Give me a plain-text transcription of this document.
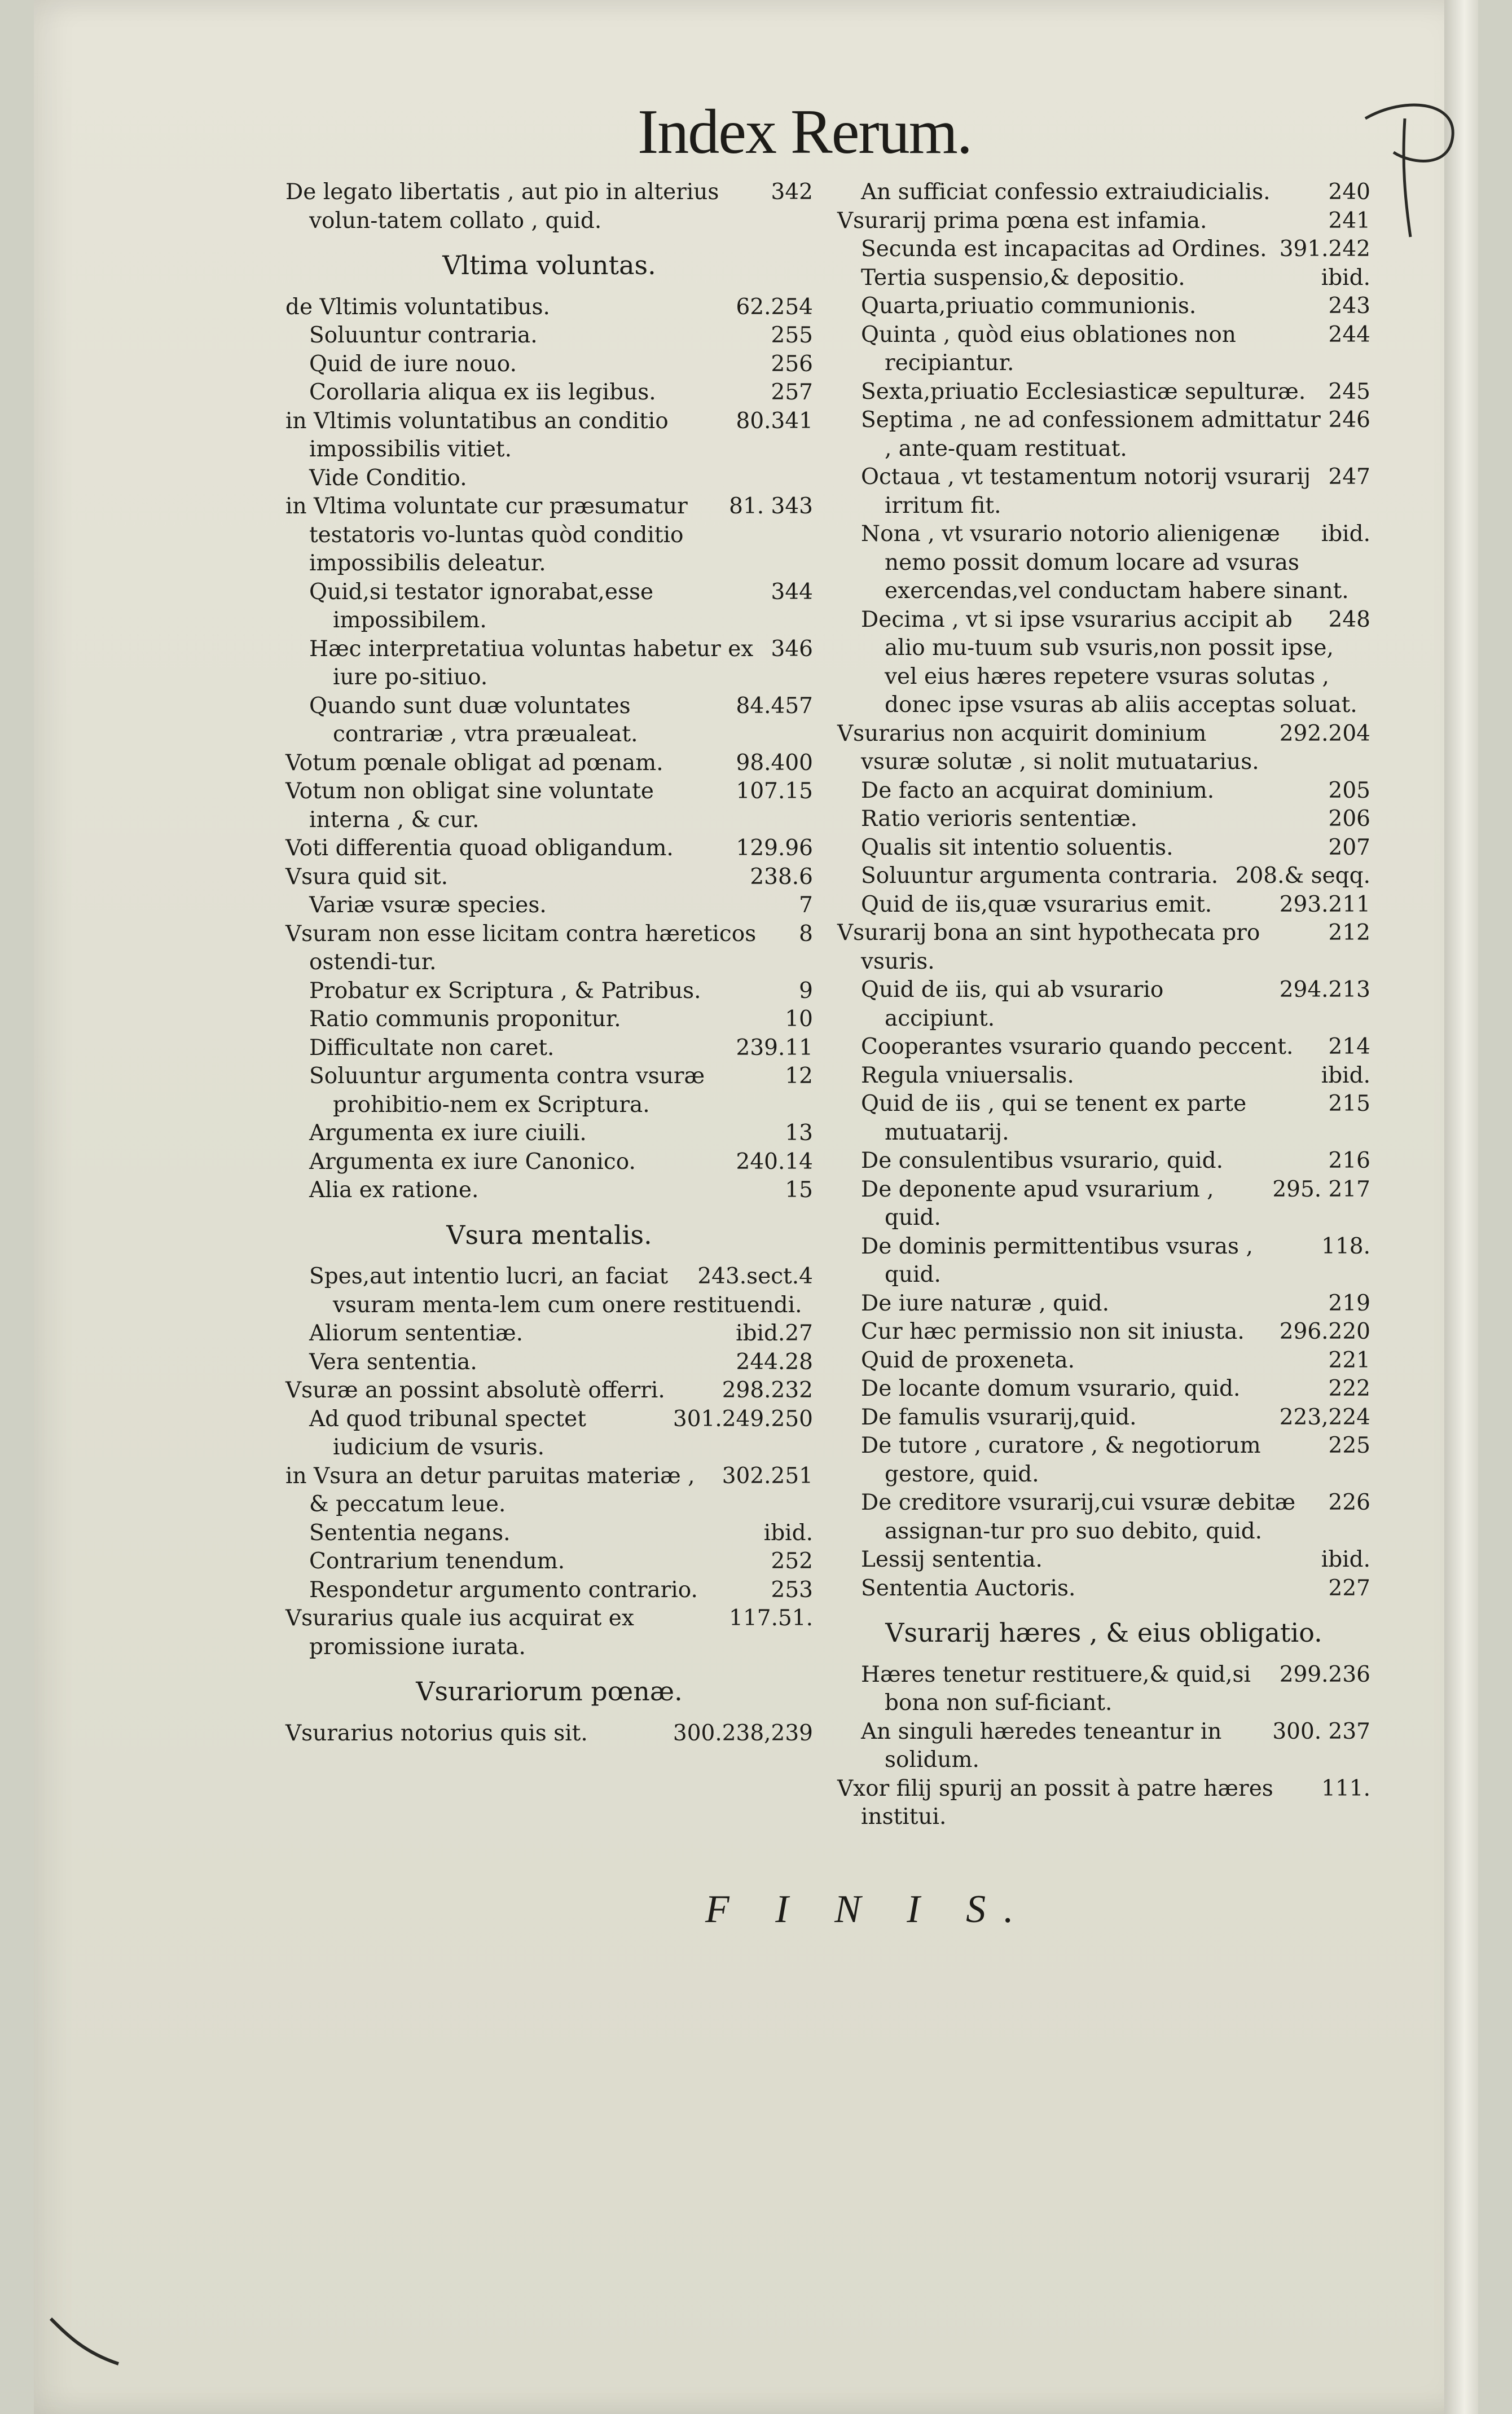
Index Rerum.
342
De legato libertatis , aut pio in alterius volun-tatem collato , quid.
Vltima voluntas.
62.254
de Vltimis voluntatibus.
255
Soluuntur contraria.
256
Quid de iure nouo.
257
Corollaria aliqua ex iis legibus.
80.341
in Vltimis voluntatibus an conditio impossibilis vitiet.
Vide Conditio.
81. 343
in Vltima voluntate cur præsumatur testatoris vo-luntas quòd conditio impossibilis deleatur.
344
Quid,si testator ignorabat,esse impossibilem.
346
Hæc interpretatiua voluntas habetur ex iure po-sitiuo.
84.457
Quando sunt duæ voluntates contrariæ , vtra præualeat.
98.400
Votum pœnale obligat ad pœnam.
107.15
Votum non obligat sine voluntate interna , & cur.
129.96
Voti differentia quoad obligandum.
238.6
Vsura quid sit.
7
Variæ vsuræ species.
8
Vsuram non esse licitam contra hæreticos ostendi-tur.
9
Probatur ex Scriptura , & Patribus.
10
Ratio communis proponitur.
239.11
Difficultate non caret.
12
Soluuntur argumenta contra vsuræ prohibitio-nem ex Scriptura.
13
Argumenta ex iure ciuili.
240.14
Argumenta ex iure Canonico.
15
Alia ex ratione.
Vsura mentalis.
243.sect.4
Spes,aut intentio lucri, an faciat vsuram menta-lem cum onere restituendi.
ibid.27
Aliorum sententiæ.
244.28
Vera sententia.
298.232
Vsuræ an possint absolutè offerri.
301.249.250
Ad quod tribunal spectet iudicium de vsuris.
302.251
in Vsura an detur paruitas materiæ , & peccatum leue.
ibid.
Sententia negans.
252
Contrarium tenendum.
253
Respondetur argumento contrario.
117.51.
Vsurarius quale ius acquirat ex promissione iurata.
Vsurariorum pœnæ.
300.238,239
Vsurarius notorius quis sit.
240
An sufficiat confessio extraiudicialis.
241
Vsurarij prima pœna est infamia.
391.242
Secunda est incapacitas ad Ordines.
ibid.
Tertia suspensio,& depositio.
243
Quarta,priuatio communionis.
244
Quinta , quòd eius oblationes non recipiantur.
245
Sexta,priuatio Ecclesiasticæ sepulturæ.
246
Septima , ne ad confessionem admittatur , ante-quam restituat.
247
Octaua , vt testamentum notorij vsurarij irritum fit.
ibid.
Nona , vt vsurario notorio alienigenæ nemo possit domum locare ad vsuras exercendas,vel conductam habere sinant.
248
Decima , vt si ipse vsurarius accipit ab alio mu-tuum sub vsuris,non possit ipse, vel eius hæres repetere vsuras solutas , donec ipse vsuras ab aliis acceptas soluat.
292.204
Vsurarius non acquirit dominium vsuræ solutæ , si nolit mutuatarius.
205
De facto an acquirat dominium.
206
Ratio verioris sententiæ.
207
Qualis sit intentio soluentis.
208.& seqq.
Soluuntur argumenta contraria.
293.211
Quid de iis,quæ vsurarius emit.
212
Vsurarij bona an sint hypothecata pro vsuris.
294.213
Quid de iis, qui ab vsurario accipiunt.
214
Cooperantes vsurario quando peccent.
ibid.
Regula vniuersalis.
215
Quid de iis , qui se tenent ex parte mutuatarij.
216
De consulentibus vsurario, quid.
295. 217
De deponente apud vsurarium , quid.
118.
De dominis permittentibus vsuras , quid.
219
De iure naturæ , quid.
296.220
Cur hæc permissio non sit iniusta.
221
Quid de proxeneta.
222
De locante domum vsurario, quid.
223,224
De famulis vsurarij,quid.
225
De tutore , curatore , & negotiorum gestore, quid.
226
De creditore vsurarij,cui vsuræ debitæ assignan-tur pro suo debito, quid.
ibid.
Lessij sententia.
227
Sententia Auctoris.
Vsurarij hæres , & eius obligatio.
299.236
Hæres tenetur restituere,& quid,si bona non suf-ficiant.
300. 237
An singuli hæredes teneantur in solidum.
111.
Vxor filij spurij an possit à patre hæres institui.
F I N I S.
